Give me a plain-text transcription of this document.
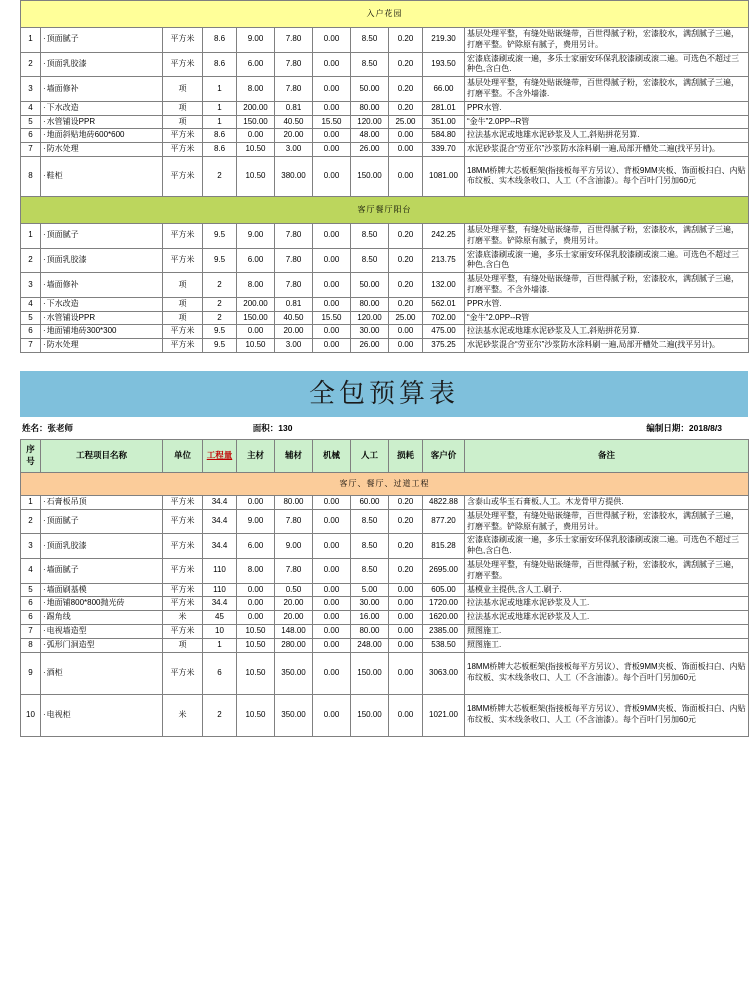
入户花园										
1	· 顶面腻子	平方米	8.6	9.00	7.80	0.00	8.50	0.20	219.30	基层处理平整，有缝处贴嵌缝带，百世得腻子粉，宏漆胶水，满刮腻子三遍，打磨平整。铲除原有腻子，费用另计。
2	· 顶面乳胶漆	平方米	8.6	6.00	7.80	0.00	8.50	0.20	193.50	宏漆底漆刷或滚一遍，多乐士家丽安环保乳胶漆刷或滚二遍。可选色不超过三种色,含白色.
3	· 墙面修补	项	1	8.00	7.80	0.00	50.00	0.20	66.00	基层处理平整，有缝处贴嵌缝带，百世得腻子粉，宏漆胶水，满刮腻子三遍，打磨平整。不含外墙漆.
4	· 下水改造	项	1	200.00	0.81	0.00	80.00	0.20	281.01	PPR水管.
5	· 水管铺设PPR	项	1	150.00	40.50	15.50	120.00	25.00	351.00	“金牛”2.0PP--R管
6	· 地面斜贴地砖600*600	平方米	8.6	0.00	20.00	0.00	48.00	0.00	584.80	拉法基水泥或地雄水泥砂浆及人工,斜贴拼花另算.
7	· 防水处理	平方米	8.6	10.50	3.00	0.00	26.00	0.00	339.70	水泥砂浆混合“劳亚尔”沙浆防水涂料刷一遍,局部开槽处二遍(找平另计)。
8	· 鞋柜	平方米	2	10.50	380.00	0.00	150.00	0.00	1081.00	18MM桥牌大芯板框架(指接板每平方另议）、背板9MM夹板、饰面板扫白、内贴布纹板、实木线条收口、人工（不含油漆）。每个百叶门另加60元
客厅餐厅阳台										
1	· 顶面腻子	平方米	9.5	9.00	7.80	0.00	8.50	0.20	242.25	基层处理平整，有缝处贴嵌缝带，百世得腻子粉，宏漆胶水，满刮腻子三遍，打磨平整。铲除原有腻子，费用另计。
2	· 顶面乳胶漆	平方米	9.5	6.00	7.80	0.00	8.50	0.20	213.75	宏漆底漆刷或滚一遍，多乐士家丽安环保乳胶漆刷或滚二遍。可选色不超过三种色,含白色
3	· 墙面修补	项	2	8.00	7.80	0.00	50.00	0.20	132.00	基层处理平整，有缝处贴嵌缝带，百世得腻子粉，宏漆胶水，满刮腻子三遍，打磨平整。不含外墙漆.
4	· 下水改造	项	2	200.00	0.81	0.00	80.00	0.20	562.01	PPR水管.
5	· 水管铺设PPR	项	2	150.00	40.50	15.50	120.00	25.00	702.00	“金牛”2.0PP--R管
6	· 地面铺地砖300*300	平方米	9.5	0.00	20.00	0.00	30.00	0.00	475.00	拉法基水泥或地雄水泥砂浆及人工,斜贴拼花另算.
7	· 防水处理	平方米	9.5	10.50	3.00	0.00	26.00	0.00	375.25	水泥砂浆混合“劳亚尔”沙浆防水涂料刷一遍,局部开槽处二遍(找平另计)。
全包预算表
姓名：张老师	面积：130	编制日期：2018/8/3
序
号	工程项目名称	单位	工程量	主材	辅材	机械	人工	损耗	客户价	备注
客厅、餐厅、过道工程										
1	· 石膏板吊顶	平方米	34.4	0.00	80.00	0.00	60.00	0.20	4822.88	含泰山或华玉石膏板,人工。木龙骨甲方提供.
2	· 顶面腻子	平方米	34.4	9.00	7.80	0.00	8.50	0.20	877.20	基层处理平整，有缝处贴嵌缝带，百世得腻子粉，宏漆胶水，满刮腻子三遍，打磨平整。铲除原有腻子，费用另计。
3	· 顶面乳胶漆	平方米	34.4	6.00	9.00	0.00	8.50	0.20	815.28	宏漆底漆刷或滚一遍，多乐士家丽安环保乳胶漆刷或滚二遍。可选色不超过三种色,含白色.
4	· 墙面腻子	平方米	110	8.00	7.80	0.00	8.50	0.20	2695.00	基层处理平整，有缝处贴嵌缝带，百世得腻子粉，宏漆胶水，满刮腻子三遍，打磨平整。
5	· 墙面刷基模	平方米	110	0.00	0.50	0.00	5.00	0.00	605.00	基模业主提供,含人工.刷子.
6	· 地面铺800*800抛光砖	平方米	34.4	0.00	20.00	0.00	30.00	0.00	1720.00	拉法基水泥或地雄水泥砂浆及人工.
6	· 踢角线	米	45	0.00	20.00	0.00	16.00	0.00	1620.00	拉法基水泥或地雄水泥砂浆及人工.
7	· 电视墙造型	平方米	10	10.50	148.00	0.00	80.00	0.00	2385.00	照图施工.
8	· 弧形门洞造型	项	1	10.50	280.00	0.00	248.00	0.00	538.50	照图施工.
9	· 酒柜	平方米	6	10.50	350.00	0.00	150.00	0.00	3063.00	18MM桥牌大芯板框架(指接板每平方另议）、背板9MM夹板、饰面板扫白、内贴布纹板、实木线条收口、人工（不含油漆）。每个百叶门另加60元
10	· 电视柜	米	2	10.50	350.00	0.00	150.00	0.00	1021.00	18MM桥牌大芯板框架(指接板每平方另议）、背板9MM夹板、饰面板扫白、内贴布纹板、实木线条收口、人工（不含油漆）。每个百叶门另加60元
